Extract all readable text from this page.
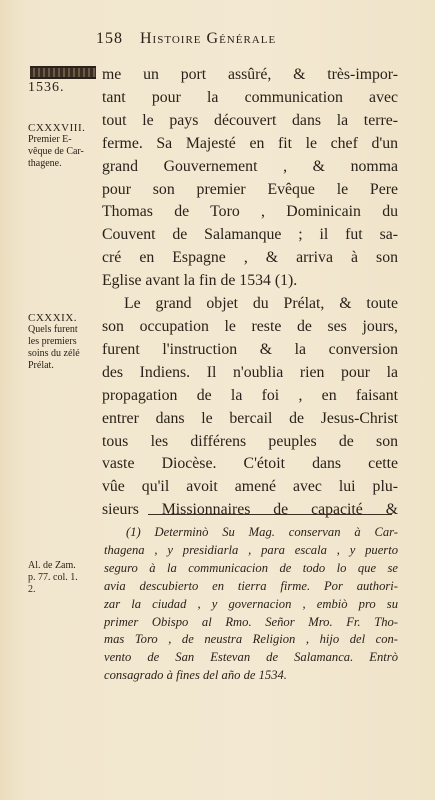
158 Histoire Générale
1536.
CXXXVIII.
Premier E-
vêque de Car-
thagene.
CXXXIX.
Quels furent
les premiers
soins du zélé
Prélat.
Al. de Zam.
p. 77. col. 1.
2.
me un port assûré, & très-impor-
tant pour la communication avec
tout le pays découvert dans la terre-
ferme. Sa Majesté en fit le chef d'un
grand Gouvernement , & nomma
pour son premier Evêque le Pere
Thomas de Toro , Dominicain du
Couvent de Salamanque ; il fut sa-
cré en Espagne , & arriva à son
Eglise avant la fin de 1534 (1).
Le grand objet du Prélat, & toute
son occupation le reste de ses jours,
furent l'instruction & la conversion
des Indiens. Il n'oublia rien pour la
propagation de la foi , en faisant
entrer dans le bercail de Jesus-Christ
tous les différens peuples de son
vaste Diocèse. C'étoit dans cette
vûe qu'il avoit amené avec lui plu-
sieurs Missionnaires de capacité &
(1) Determinò Su Mag. conservan à Car-
thagena , y presidiarla , para escala , y puerto
seguro à la communicacion de todo lo que se
avia descubierto en tierra firme. Por authori-
zar la ciudad , y governacion , embiò pro su
primer Obispo al Rmo. Señor Mro. Fr. Tho-
mas Toro , de neustra Religion , hijo del con-
vento de San Estevan de Salamanca. Entrò
consagrado à fines del año de 1534.
